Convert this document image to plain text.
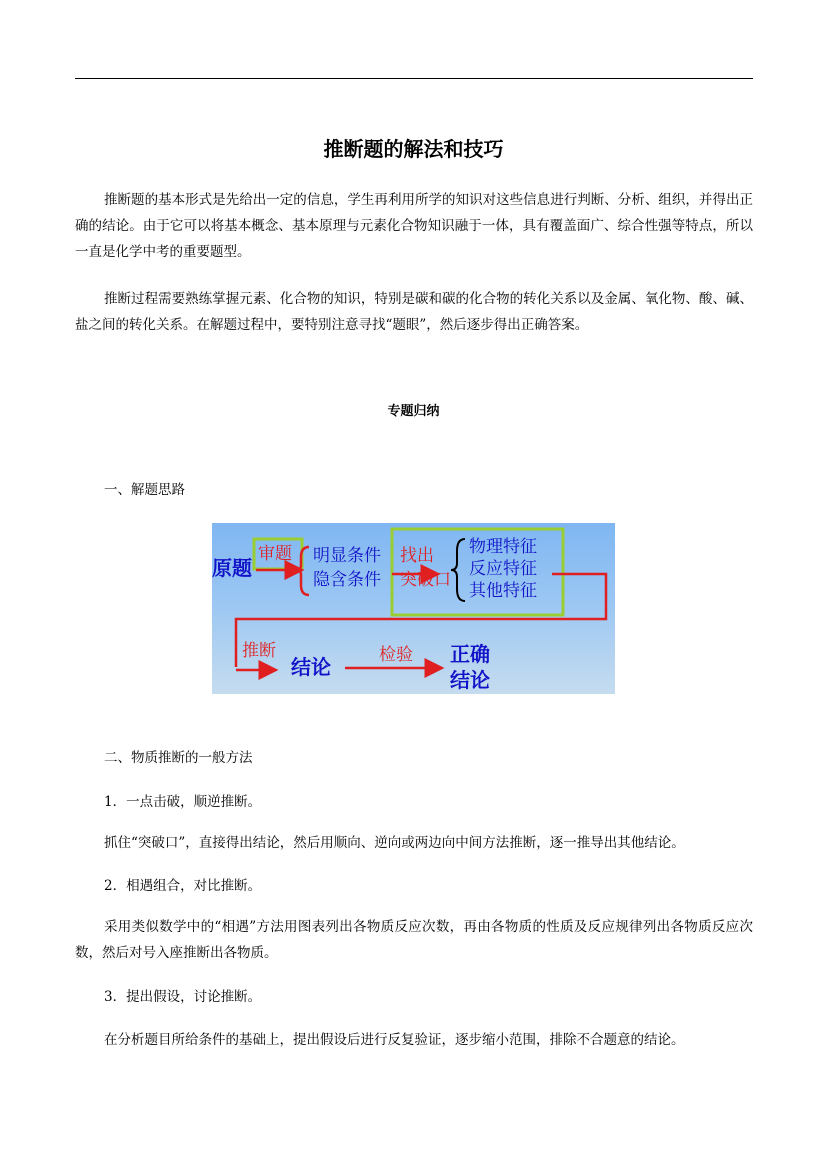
推断题的解法和技巧

推断题的基本形式是先给出一定的信息，学生再利用所学的知识对这些信息进行判断、分析、组织，并得出正确的结论。由于它可以将基本概念、基本原理与元素化合物知识融于一体，具有覆盖面广、综合性强等特点，所以一直是化学中考的重要题型。

推断过程需要熟练掌握元素、化合物的知识，特别是碳和碳的化合物的转化关系以及金属、氧化物、酸、碱、盐之间的转化关系。在解题过程中，要特别注意寻找“题眼”，然后逐步得出正确答案。

专题归纳

一、解题思路

原题
审题 明显条件
隐含条件
找出
突破口
物理特征
反应特征
其他特征
推断
结论	检验 正确
结论

二、物质推断的一般方法

1．一点击破，顺逆推断。

抓住“突破口”，直接得出结论，然后用顺向、逆向或两边向中间方法推断，逐一推导出其他结论。

2．相遇组合，对比推断。

采用类似数学中的“相遇”方法用图表列出各物质反应次数，再由各物质的性质及反应规律列出各物质反应次数，然后对号入座推断出各物质。

3．提出假设，讨论推断。

在分析题目所给条件的基础上，提出假设后进行反复验证，逐步缩小范围，排除不合题意的结论。
